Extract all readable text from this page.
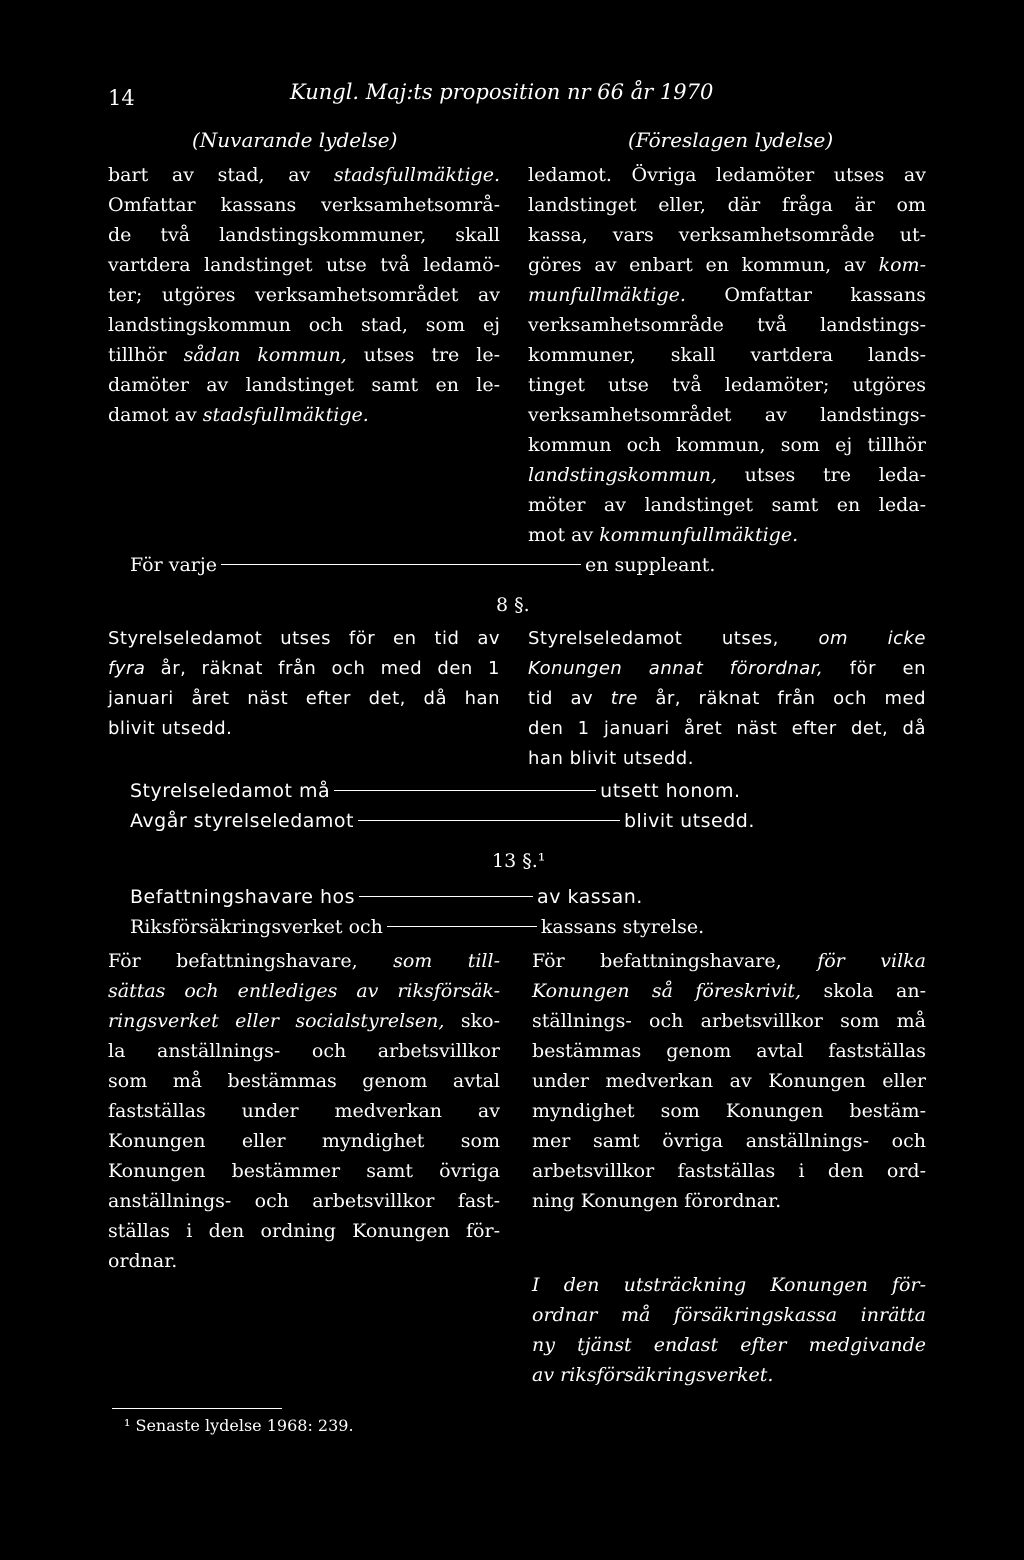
14	Kungl. Maj:ts proposition nr 66 år 1970
(Nuvarande lydelse)	(Föreslagen lydelse)
bart av stad, av stadsfullmäktige.
Omfattar kassans verksamhetsområ-
de två landstingskommuner, skall
vartdera landstinget utse två ledamö-
ter; utgöres verksamhetsområdet av
landstingskommun och stad, som ej
tillhör sådan kommun, utses tre le-
damöter av landstinget samt en le-
damot av stadsfullmäktige.
ledamot. Övriga ledamöter utses av
landstinget eller, där fråga är om
kassa, vars verksamhetsområde ut-
göres av enbart en kommun, av kom-
munfullmäktige. Omfattar kassans
verksamhetsområde två landstings-
kommuner, skall vartdera lands-
tinget utse två ledamöter; utgöres
verksamhetsområdet av landstings-
kommun och kommun, som ej tillhör
landstingskommun, utses tre leda-
möter av landstinget samt en leda-
mot av kommunfullmäktige.
För varje	en suppleant.
8 §.
Styrelseledamot utses för en tid av
fyra år, räknat från och med den 1
januari året näst efter det, då han
blivit utsedd.
Styrelseledamot utses, om icke
Konungen annat förordnar, för en
tid av tre år, räknat från och med
den 1 januari året näst efter det, då
han blivit utsedd.
Styrelseledamot må	utsett honom.
Avgår styrelseledamot	blivit utsedd.
13 §.¹
Befattningshavare hos	av kassan.
Riksförsäkringsverket och	kassans styrelse.
För befattningshavare, som till-
sättas och entlediges av riksförsäk-
ringsverket eller socialstyrelsen, sko-
la anställnings- och arbetsvillkor
som må bestämmas genom avtal
fastställas under medverkan av
Konungen eller myndighet som
Konungen bestämmer samt övriga
anställnings- och arbetsvillkor fast-
ställas i den ordning Konungen för-
ordnar.
För befattningshavare, för vilka
Konungen så föreskrivit, skola an-
ställnings- och arbetsvillkor som må
bestämmas genom avtal fastställas
under medverkan av Konungen eller
myndighet som Konungen bestäm-
mer samt övriga anställnings- och
arbetsvillkor fastställas i den ord-
ning Konungen förordnar.
I den utsträckning Konungen för-
ordnar må försäkringskassa inrätta
ny tjänst endast efter medgivande
av riksförsäkringsverket.
¹ Senaste lydelse 1968: 239.
